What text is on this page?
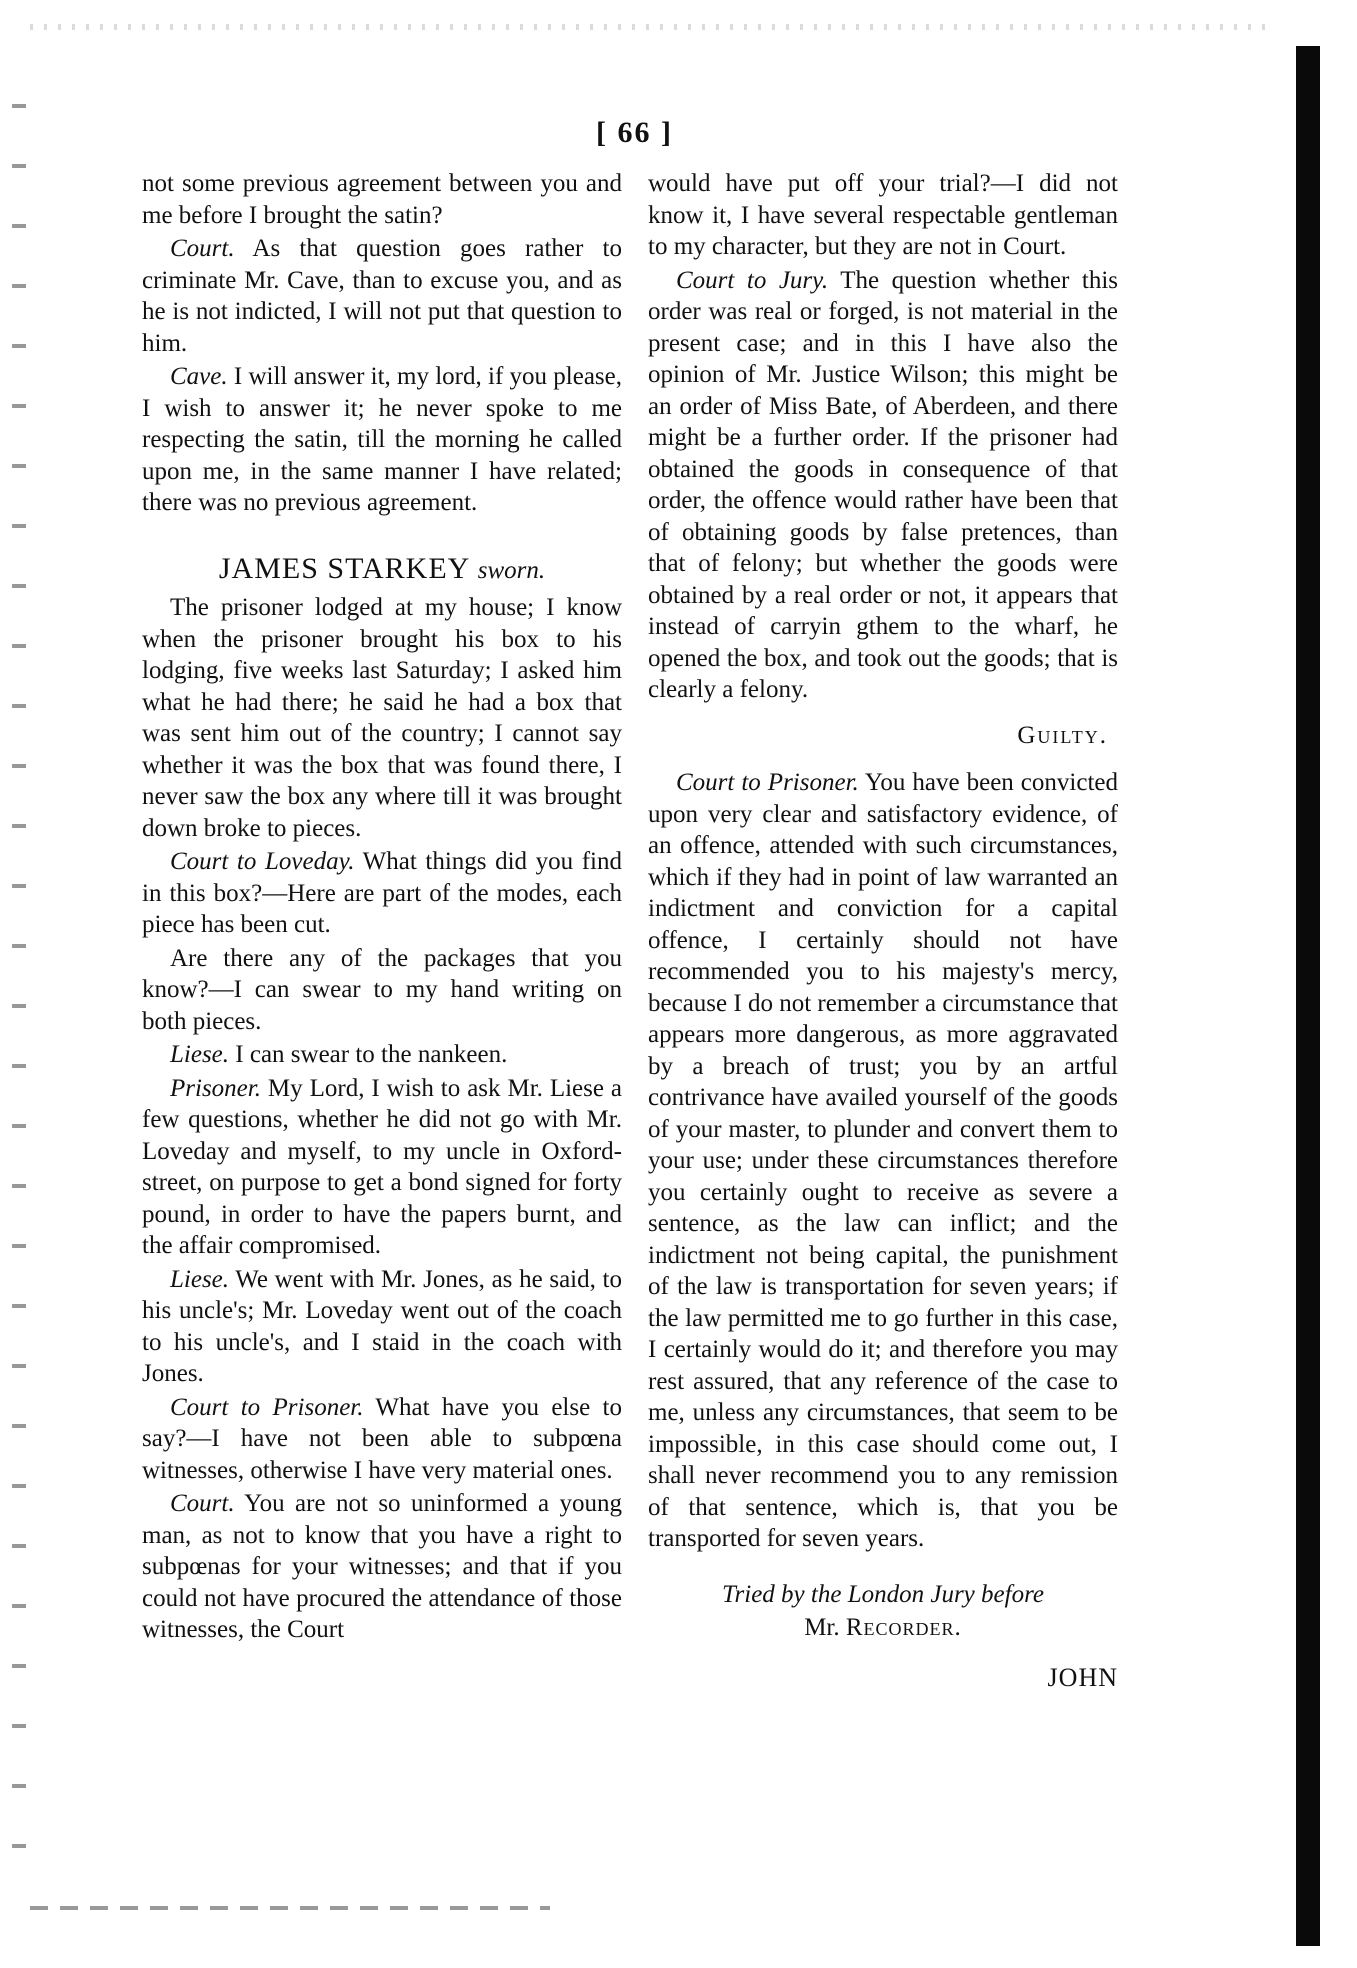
[ 66 ]

not some previous agreement between you and me before I brought the satin?

Court. As that question goes rather to criminate Mr. Cave, than to excuse you, and as he is not indicted, I will not put that question to him.

Cave. I will answer it, my lord, if you please, I wish to answer it; he never spoke to me respecting the satin, till the morning he called upon me, in the same manner I have related; there was no previous agreement.

JAMES STARKEY sworn.

The prisoner lodged at my house; I know when the prisoner brought his box to his lodging, five weeks last Saturday; I asked him what he had there; he said he had a box that was sent him out of the country; I cannot say whether it was the box that was found there, I never saw the box any where till it was brought down broke to pieces.

Court to Loveday. What things did you find in this box?—Here are part of the modes, each piece has been cut.

Are there any of the packages that you know?—I can swear to my hand writing on both pieces.

Liese. I can swear to the nankeen.

Prisoner. My Lord, I wish to ask Mr. Liese a few questions, whether he did not go with Mr. Loveday and myself, to my uncle in Oxford-street, on purpose to get a bond signed for forty pound, in order to have the papers burnt, and the affair compromised.

Liese. We went with Mr. Jones, as he said, to his uncle's; Mr. Loveday went out of the coach to his uncle's, and I staid in the coach with Jones.

Court to Prisoner. What have you else to say?—I have not been able to subpœna witnesses, otherwise I have very material ones.

Court. You are not so uninformed a young man, as not to know that you have a right to subpœnas for your witnesses; and that if you could not have procured the attendance of those witnesses, the Court

would have put off your trial?—I did not know it, I have several respectable gentleman to my character, but they are not in Court.

Court to Jury. The question whether this order was real or forged, is not material in the present case; and in this I have also the opinion of Mr. Justice Wilson; this might be an order of Miss Bate, of Aberdeen, and there might be a further order. If the prisoner had obtained the goods in consequence of that order, the offence would rather have been that of obtaining goods by false pretences, than that of felony; but whether the goods were obtained by a real order or not, it appears that instead of carryin gthem to the wharf, he opened the box, and took out the goods; that is clearly a felony.

Guilty.

Court to Prisoner. You have been convicted upon very clear and satisfactory evidence, of an offence, attended with such circumstances, which if they had in point of law warranted an indictment and conviction for a capital offence, I certainly should not have recommended you to his majesty's mercy, because I do not remember a circumstance that appears more dangerous, as more aggravated by a breach of trust; you by an artful contrivance have availed yourself of the goods of your master, to plunder and convert them to your use; under these circumstances therefore you certainly ought to receive as severe a sentence, as the law can inflict; and the indictment not being capital, the punishment of the law is transportation for seven years; if the law permitted me to go further in this case, I certainly would do it; and therefore you may rest assured, that any reference of the case to me, unless any circumstances, that seem to be impossible, in this case should come out, I shall never recommend you to any remission of that sentence, which is, that you be transported for seven years.

Tried by the London Jury before

Mr. Recorder.

JOHN
